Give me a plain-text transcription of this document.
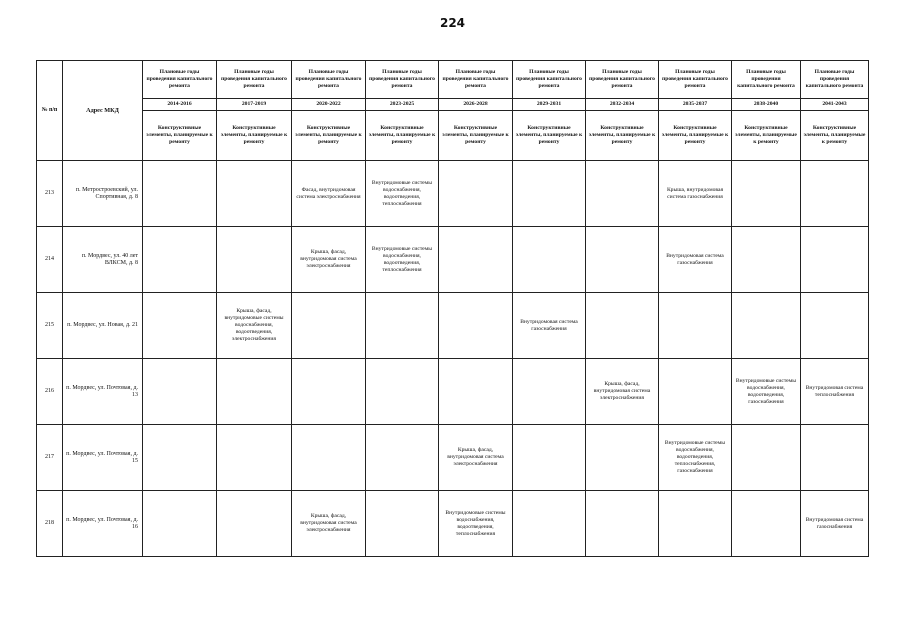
224
№ п/п	Адрес МКД	Плановые годы проведения капитального ремонта	Плановые годы проведения капитального ремонта	Плановые годы проведения капитального ремонта	Плановые годы проведения капитального ремонта	Плановые годы проведения капитального ремонта	Плановые годы проведения капитального ремонта	Плановые годы проведения капитального ремонта	Плановые годы проведения капитального ремонта	Плановые годы проведения капитального ремонта	Плановые годы проведения капитального ремонта
		2014-2016	2017-2019	2020-2022	2023-2025	2026-2028	2029-2031	2032-2034	2035-2037	2038-2040	2041-2043
		Конструктивные элементы, планируемые к ремонту	Конструктивные элементы, планируемые к ремонту	Конструктивные элементы, планируемые к ремонту	Конструктивные элементы, планируемые к ремонту	Конструктивные элементы, планируемые к ремонту	Конструктивные элементы, планируемые к ремонту	Конструктивные элементы, планируемые к ремонту	Конструктивные элементы, планируемые к ремонту	Конструктивные элементы, планируемые к ремонту	Конструктивные элементы, планируемые к ремонту
213	п. Метростроевский, ул. Спортивная, д. 8			Фасад, внутридомовая система электроснабжения	Внутридомовые системы водоснабжения, водоотведения, теплоснабжения				Крыша, внутридомовая система газоснабжения		
214	п. Мордвес, ул. 40 лет ВЛКСМ, д. 8			Крыша, фасад, внутридомовая система электроснабжения	Внутридомовые системы водоснабжения, водоотведения, теплоснабжения				Внутридомовая система газоснабжения		
215	п. Мордвес, ул. Новая, д. 21		Крыша, фасад, внутридомовые системы водоснабжения, водоотведения, электроснабжения				Внутридомовая система газоснабжения				
216	п. Мордвес, ул. Почтовая, д. 13							Крыша, фасад, внутридомовая система электроснабжения		Внутридомовые системы водоснабжения, водоотведения, газоснабжения	Внутридомовая система теплоснабжения
217	п. Мордвес, ул. Почтовая, д. 15					Крыша, фасад, внутридомовая система электроснабжения			Внутридомовые системы водоснабжения, водоотведения, теплоснабжения, газоснабжения		
218	п. Мордвес, ул. Почтовая, д. 16			Крыша, фасад, внутридомовая система электроснабжения		Внутридомовые системы водоснабжения, водоотведения, теплоснабжения					Внутридомовая система газоснабжения
